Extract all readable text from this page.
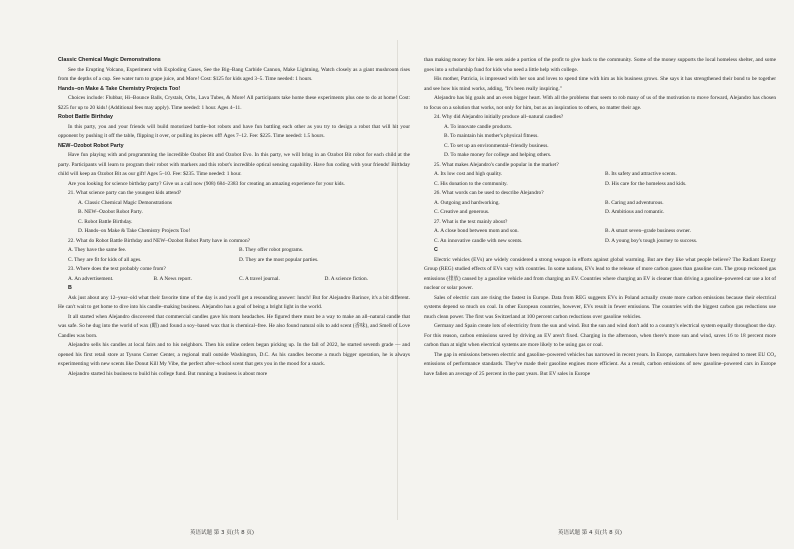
Classic Chemical Magic Demonstrations

See the Erupting Volcano, Experiment with Exploding Gases, See the Big–Bang Carbide Cannon, Make Lightning, Watch closely as a giant mushroom rises from the depths of a cup. See water turn to grape juice, and More! Cost: $125 for kids aged 3–5. Time needed: 1 hours.

Hands–on Make & Take Chemistry Projects Too!

Choices include: Flubbar, Hi–Bounce Balls, Crystals, Orbs, Lava Tubes, & More! All participants take home these experiments plus one to do at home! Cost: $225 for up to 20 kids! (Additional fees may apply). Time needed: 1 hour. Ages 4–11.

Robot Battle Birthday

In this party, you and your friends will build motorized battle–bot robots and have fun battling each other as you try to design a robot that will hit your opponent by pushing it off the table, flipping it over, or pulling its pieces off! Ages 7–12. Fee: $225. Time needed: 1.5 hours.

NEW–Ozobot Robot Party

Have fun playing with and programming the incredible Ozobot Bit and Ozobot Evo. In this party, we will bring in an Ozobot Bit robot for each child at the party. Participants will learn to program their robot with markers and this robot's incredible optical sensing capability. Have fun coding with your friends! Birthday child will keep an Ozobot Bit as our gift! Ages 5–10. Fee: $235. Time needed: 1 hour.

Are you looking for science birthday party? Give us a call now (908) 684–2383 for creating an amazing experience for your kids.

21. What science party can the youngest kids attend?

A. Classic Chemical Magic Demonstrations

B. NEW–Ozobot Robot Party.

C. Robot Battle Birthday.

D. Hands–on Make & Take Chemistry Projects Too!

22. What do Robot Battle Birthday and NEW–Ozobot Robot Party have in common?

A. They have the same fee.	B. They offer robot programs.
C. They are fit for kids of all ages.	D. They are the most popular parties.

23. Where does the text probably come from?

A. An advertisement.	B. A News report.	C. A travel journal.	D. A science fiction.

B

Ask just about any 12–year–old what their favorite time of the day is and you'll get a resounding answer: lunch! But for Alejandro Barinov, it's a bit different. He can't wait to get home to dive into his candle–making business. Alejandro has a goal of being a bright light in the world.

It all started when Alejandro discovered that commercial candles gave his mom headaches. He figured there must be a way to make an all–natural candle that was safe. So he dug into the world of wax (蜡) and found a soy–based wax that is chemical–free. He also found natural oils to add scent (香味), and Smell of Love Candles was born.

Alejandro sells his candles at local fairs and to his neighbors. Then his online orders began picking up. In the fall of 2022, he started seventh grade — and opened his first retail store at Tysons Corner Center, a regional mall outside Washington, D.C. As his candles become a much bigger operation, he is always experimenting with new scents like Donut Kill My Vibe, the perfect after–school scent that gets you in the mood for a snack.

Alejandro started his business to build his college fund. But running a business is about more

than making money for him. He sets aside a portion of the profit to give back to the community. Some of the money supports the local homeless shelter, and some goes into a scholarship fund for kids who need a little help with college.

His mother, Patricia, is impressed with her son and loves to spend time with him as his business grows. She says it has strengthened their bond to be together and see how his mind works, adding, "It's been really inspiring."

Alejandro has big goals and an even bigger heart. With all the problems that seem to rob many of us of the motivation to move forward, Alejandro has chosen to focus on a solution that works, not only for him, but as an inspiration to others, no matter their age.

24. Why did Alejandro initially produce all–natural candles?

A. To innovate candle products.

B. To maintain his mother's physical fitness.

C. To set up an environmental–friendly business.

D. To make money for college and helping others.

25. What makes Alejandro's candle popular in the market?

A. Its low cost and high quality.	B. Its safety and attractive scents.
C. His donation to the community.	D. His care for the homeless and kids.

26. What words can be used to describe Alejandro?

A. Outgoing and hardworking.	B. Caring and adventurous.
C. Creative and generous.	D. Ambitious and romantic.

27. What is the text mainly about?

A. A close bond between mom and son.	B. A smart seven–grade business owner.
C. An innovative candle with new scents.	D. A young boy's tough journey to success.

C

Electric vehicles (EVs) are widely considered a strong weapon in efforts against global warming. But are they like what people believe? The Radiant Energy Group (REG) studied effects of EVs vary with countries. In some nations, EVs lead to the release of more carbon gases than gasoline cars. The group reckoned gas emissions (排放) caused by a gasoline vehicle and from charging an EV. Countries where charging an EV is cleaner than driving a gasoline–powered car use a lot of nuclear or solar power.

Sales of electric cars are rising the fastest in Europe. Data from REG suggests EVs in Poland actually create more carbon emissions because their electrical systems depend so much on coal. In other European countries, however, EVs result in fewer emissions. The countries with the biggest carbon gas reductions use much clean power. The first was Switzerland at 100 percent carbon reductions over gasoline vehicles.

Germany and Spain create lots of electricity from the sun and wind. But the sun and wind don't add to a country's electrical system equally throughout the day. For this reason, carbon emissions saved by driving an EV aren't fixed. Charging in the afternoon, when there's more sun and wind, saves 16 to 18 percent more carbon than at night when electrical systems are more likely to be using gas or coal.

The gap in emissions between electric and gasoline–powered vehicles has narrowed in recent years. In Europe, carmakers have been required to meet EU CO₂ emissions of performance standards. They've made their gasoline engines more efficient. As a result, carbon emissions of new gasoline–powered cars in Europe have fallen an average of 25 percent in the past years. But EV sales in Europe

英语试题 第 3 页(共 8 页)	英语试题 第 4 页(共 8 页)
